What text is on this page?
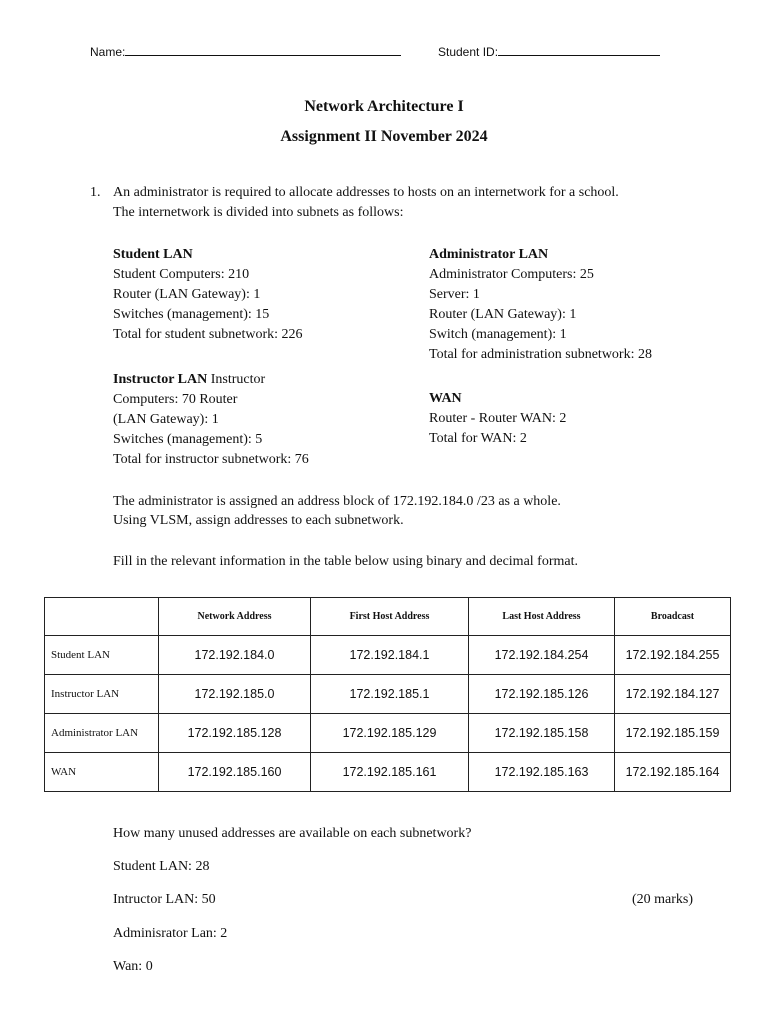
Name:	Student ID:
Network Architecture I
Assignment II November 2024
1. An administrator is required to allocate addresses to hosts on an internetwork for a school.
The internetwork is divided into subnets as follows:
Student LAN
Student Computers: 210
Router (LAN Gateway): 1
Switches (management): 15
Total for student subnetwork: 226
Administrator LAN
Administrator Computers: 25
Server: 1
Router (LAN Gateway): 1
Switch (management): 1
Total for administration subnetwork: 28
Instructor LAN Instructor
Computers: 70 Router
(LAN Gateway): 1
Switches (management): 5
Total for instructor subnetwork: 76
WAN
Router - Router WAN: 2
Total for WAN: 2
The administrator is assigned an address block of 172.192.184.0 /23 as a whole.
Using VLSM, assign addresses to each subnetwork.
Fill in the relevant information in the table below using binary and decimal format.
	Network Address	First Host Address	Last Host Address	Broadcast
Student LAN	172.192.184.0	172.192.184.1	172.192.184.254	172.192.184.255
Instructor LAN	172.192.185.0	172.192.185.1	172.192.185.126	172.192.184.127
Administrator LAN	172.192.185.128	172.192.185.129	172.192.185.158	172.192.185.159
WAN	172.192.185.160	172.192.185.161	172.192.185.163	172.192.185.164
How many unused addresses are available on each subnetwork?
Student LAN: 28
Intructor LAN: 50	(20 marks)
Adminisrator Lan: 2
Wan: 0
